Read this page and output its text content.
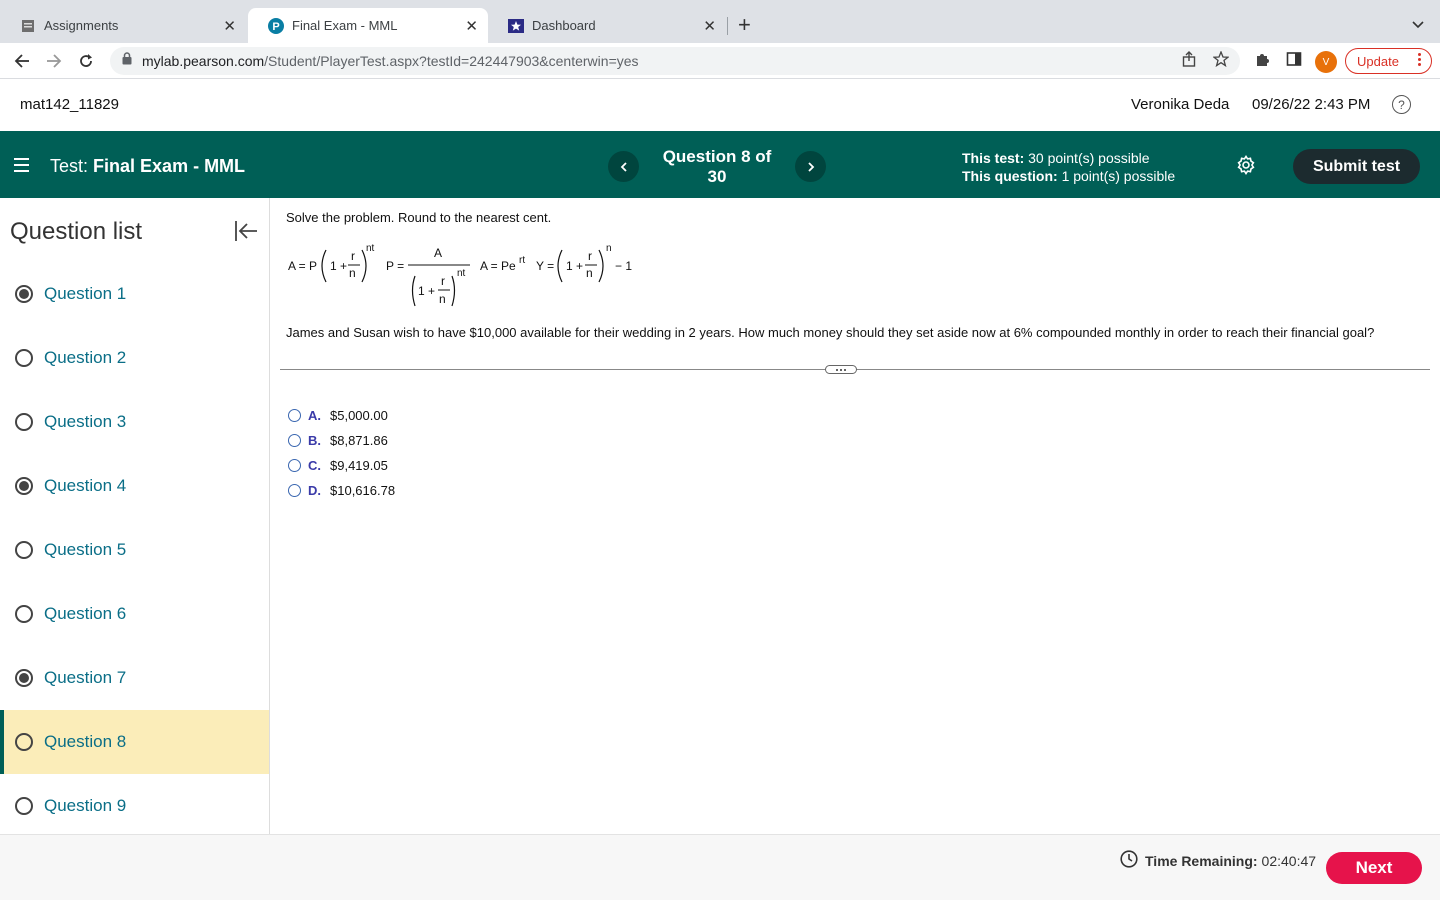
Assignments	✕	P Final Exam - MML	✕	Dashboard	✕ +
mylab.pearson.com/Student/PlayerTest.aspx?testId=242447903&centerwin=yes	V	Update
mat142_11829	Veronika Deda 09/26/22 2:43 PM	?
Test: Final Exam - MML	Question 8 of 30
This test: 30 point(s) possible
This question: 1 point(s) possible
Submit test
Question list
Question 1
Question 2
Question 3
Question 4
Question 5
Question 6
Question 7
Question 8
Question 9
Solve the problem. Round to the nearest cent.
A = P 1 +
r
n
nt
P =
A
1 +
r
n
nt
A = Pe rt Y = 1 +
r
n
n
− 1
James and Susan wish to have $10,000 available for their wedding in 2 years. How much money should they set aside now at 6% compounded monthly in order to reach their financial goal?
A. $5,000.00
B. $8,871.86
C. $9,419.05
D. $10,616.78
Time Remaining: 02:40:47	Next
